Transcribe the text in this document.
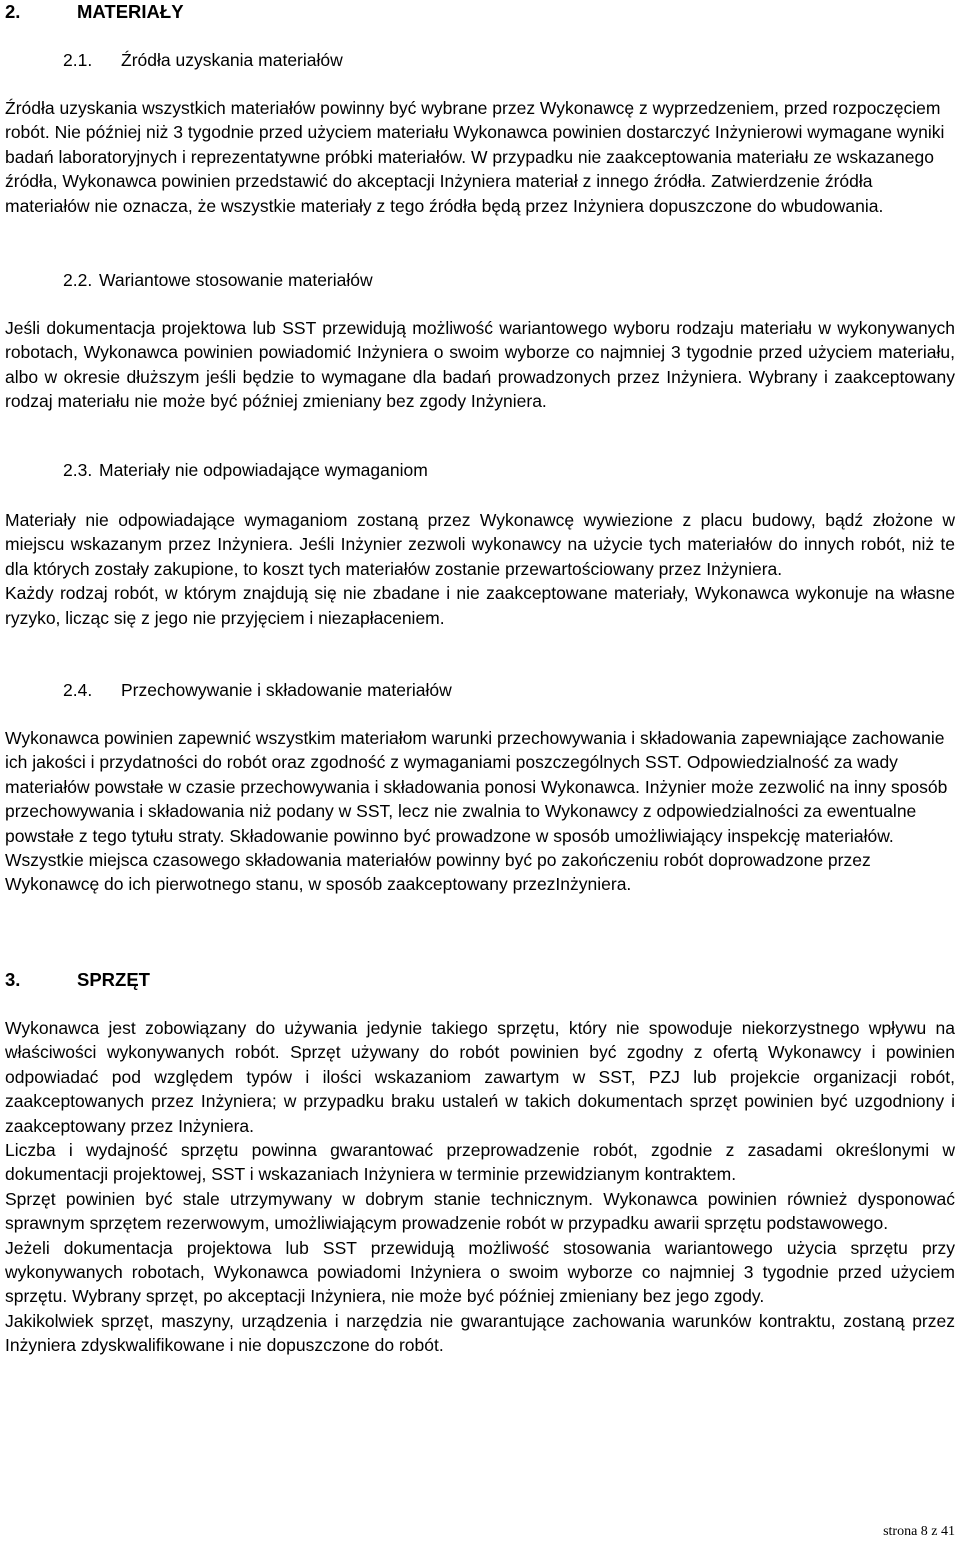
2.	MATERIAŁY
2.1. Źródła uzyskania materiałów

Źródła uzyskania wszystkich materiałów powinny być wybrane przez Wykonawcę z wyprzedzeniem, przed rozpoczęciem robót. Nie później niż 3 tygodnie przed użyciem materiału Wykonawca powinien dostarczyć Inżynierowi wymagane wyniki badań laboratoryjnych i reprezentatywne próbki materiałów. W przypadku nie zaakceptowania materiału ze wskazanego źródła, Wykonawca powinien przedstawić do akceptacji Inżyniera materiał z innego źródła. Zatwierdzenie źródła materiałów nie oznacza, że wszystkie materiały z tego źródła będą przez Inżyniera dopuszczone do wbudowania.

2.2. Wariantowe stosowanie materiałów

Jeśli dokumentacja projektowa lub SST przewidują możliwość wariantowego wyboru rodzaju materiału w wykonywanych robotach, Wykonawca powinien powiadomić Inżyniera o swoim wyborze co najmniej 3 tygodnie przed użyciem materiału, albo w okresie dłuższym jeśli będzie to wymagane dla badań prowadzonych przez Inżyniera. Wybrany i zaakceptowany rodzaj materiału nie może być później zmieniany bez zgody Inżyniera.

2.3. Materiały nie odpowiadające wymaganiom

Materiały nie odpowiadające wymaganiom zostaną przez Wykonawcę wywiezione z placu budowy, bądź złożone w miejscu wskazanym przez Inżyniera. Jeśli Inżynier zezwoli wykonawcy na użycie tych materiałów do innych robót, niż te dla których zostały zakupione, to koszt tych materiałów zostanie przewartościowany przez Inżyniera.

Każdy rodzaj robót, w którym znajdują się nie zbadane i nie zaakceptowane materiały, Wykonawca wykonuje na własne ryzyko, licząc się z jego nie przyjęciem i niezapłaceniem.

2.4. Przechowywanie i składowanie materiałów

Wykonawca powinien zapewnić wszystkim materiałom warunki przechowywania i składowania zapewniające zachowanie ich jakości i przydatności do robót oraz zgodność z wymaganiami poszczególnych SST. Odpowiedzialność za wady materiałów powstałe w czasie przechowywania i składowania ponosi Wykonawca. Inżynier może zezwolić na inny sposób przechowywania i składowania niż podany w SST, lecz nie zwalnia to Wykonawcy z odpowiedzialności za ewentualne powstałe z tego tytułu straty. Składowanie powinno być prowadzone w sposób umożliwiający inspekcję materiałów.

Wszystkie miejsca czasowego składowania materiałów powinny być po zakończeniu robót doprowadzone przez Wykonawcę do ich pierwotnego stanu, w sposób zaakceptowany przezInżyniera.

3.	SPRZĘT

Wykonawca jest zobowiązany do używania jedynie takiego sprzętu, który nie spowoduje niekorzystnego wpływu na właściwości wykonywanych robót. Sprzęt używany do robót powinien być zgodny z ofertą Wykonawcy i powinien odpowiadać pod względem typów i ilości wskazaniom zawartym w SST, PZJ lub projekcie organizacji robót, zaakceptowanych przez Inżyniera; w przypadku braku ustaleń w takich dokumentach sprzęt powinien być uzgodniony i zaakceptowany przez Inżyniera.

Liczba i wydajność sprzętu powinna gwarantować przeprowadzenie robót, zgodnie z zasadami określonymi w dokumentacji projektowej, SST i wskazaniach Inżyniera w terminie przewidzianym kontraktem.

Sprzęt powinien być stale utrzymywany w dobrym stanie technicznym. Wykonawca powinien również dysponować sprawnym sprzętem rezerwowym, umożliwiającym prowadzenie robót w przypadku awarii sprzętu podstawowego.

Jeżeli dokumentacja projektowa lub SST przewidują możliwość stosowania wariantowego użycia sprzętu przy wykonywanych robotach, Wykonawca powiadomi Inżyniera o swoim wyborze co najmniej 3 tygodnie przed użyciem sprzętu. Wybrany sprzęt, po akceptacji Inżyniera, nie może być później zmieniany bez jego zgody.

Jakikolwiek sprzęt, maszyny, urządzenia i narzędzia nie gwarantujące zachowania warunków kontraktu, zostaną przez Inżyniera zdyskwalifikowane i nie dopuszczone do robót.

strona 8 z 41
